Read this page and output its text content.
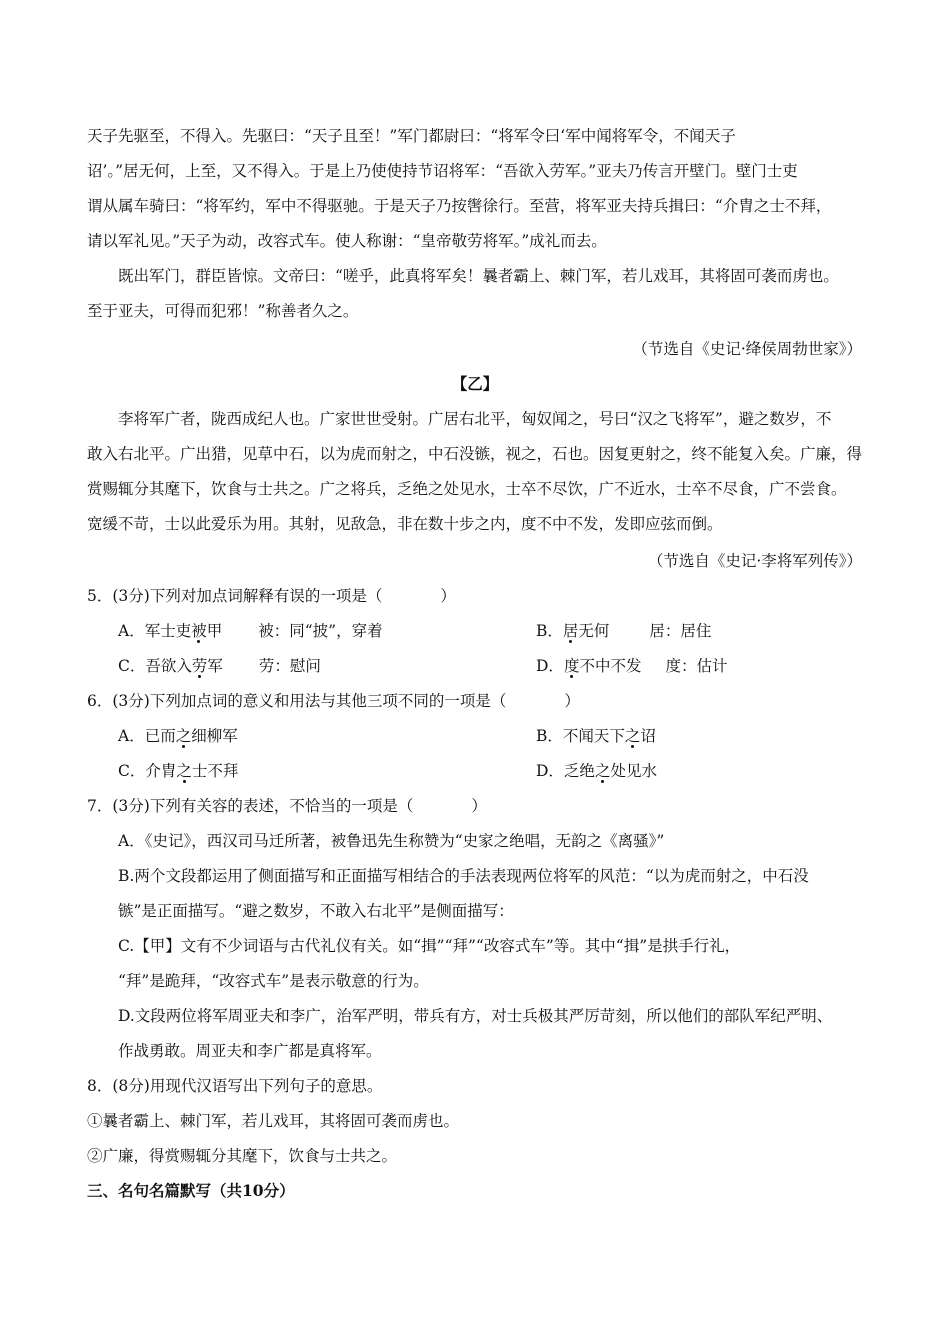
天子先驱至，不得入。先驱曰：“天子且至！”军门都尉曰：“将军令曰‘军中闻将军令，不闻天子
诏’。”居无何，上至，又不得入。于是上乃使使持节诏将军：“吾欲入劳军。”亚夫乃传言开壁门。壁门士吏
谓从属车骑曰：“将军约，军中不得驱驰。于是天子乃按辔徐行。至营，将军亚夫持兵揖曰：“介胄之士不拜，
请以军礼见。”天子为动，改容式车。使人称谢：“皇帝敬劳将军。”成礼而去。
既出军门，群臣皆惊。文帝曰：“嗟乎，此真将军矣！曩者霸上、棘门军，若儿戏耳，其将固可袭而虏也。
至于亚夫，可得而犯邪！”称善者久之。
（节选自《史记·绛侯周勃世家》）
【乙】
李将军广者，陇西成纪人也。广家世世受射。广居右北平，匈奴闻之，号曰“汉之飞将军”，避之数岁，不
敢入右北平。广出猎，见草中石，以为虎而射之，中石没镞，视之，石也。因复更射之，终不能复入矣。广廉，得
赏赐辄分其麾下，饮食与士共之。广之将兵，乏绝之处见水，士卒不尽饮，广不近水，士卒不尽食，广不尝食。
宽缓不苛，士以此爱乐为用。其射，见敌急，非在数十步之内，度不中不发，发即应弦而倒。
（节选自《史记·李将军列传》）
5．(3分)下列对加点词解释有误的一项是（	）
A．军士吏被甲 被：同“披”，穿着	B．居无何	居：居住
C．吾欲入劳军 劳：慰问	D．度不中不发 度：估计
6．(3分)下列加点词的意义和用法与其他三项不同的一项是（	）
A．已而之细柳军	B．不闻天下之诏
C．介胄之士不拜	D．乏绝之处见水
7．(3分)下列有关容的表述，不恰当的一项是（	）
A．《史记》，西汉司马迁所著，被鲁迅先生称赞为“史家之绝唱，无韵之《离骚》”
B.两个文段都运用了侧面描写和正面描写相结合的手法表现两位将军的风范：“以为虎而射之，中石没
镞”是正面描写。“避之数岁，不敢入右北平”是侧面描写：
C.【甲】文有不少词语与古代礼仪有关。如“揖”“拜”“改容式车”等。其中“揖”是拱手行礼，
“拜”是跪拜，“改容式车”是表示敬意的行为。
D.文段两位将军周亚夫和李广，治军严明，带兵有方，对士兵极其严厉苛刻，所以他们的部队军纪严明、
作战勇敢。周亚夫和李广都是真将军。
8．(8分)用现代汉语写出下列句子的意思。
①曩者霸上、棘门军，若儿戏耳，其将固可袭而虏也。
②广廉，得赏赐辄分其麾下，饮食与士共之。
三、名句名篇默写（共10分）
